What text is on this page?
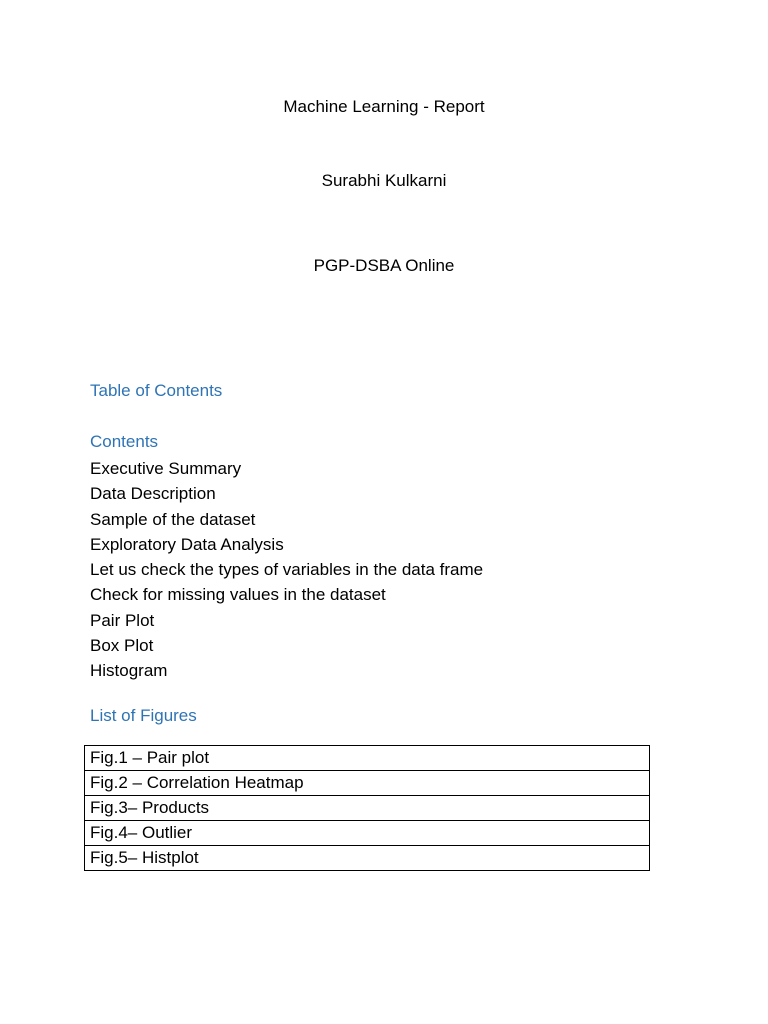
Machine Learning - Report
Surabhi Kulkarni
PGP-DSBA Online
Table of Contents
Contents
Executive Summary
Data Description
Sample of the dataset
Exploratory Data Analysis
Let us check the types of variables in the data frame
Check for missing values in the dataset
Pair Plot
Box Plot
Histogram
List of Figures
Fig.1 – Pair plot
Fig.2 – Correlation Heatmap
Fig.3– Products
Fig.4– Outlier
Fig.5– Histplot
